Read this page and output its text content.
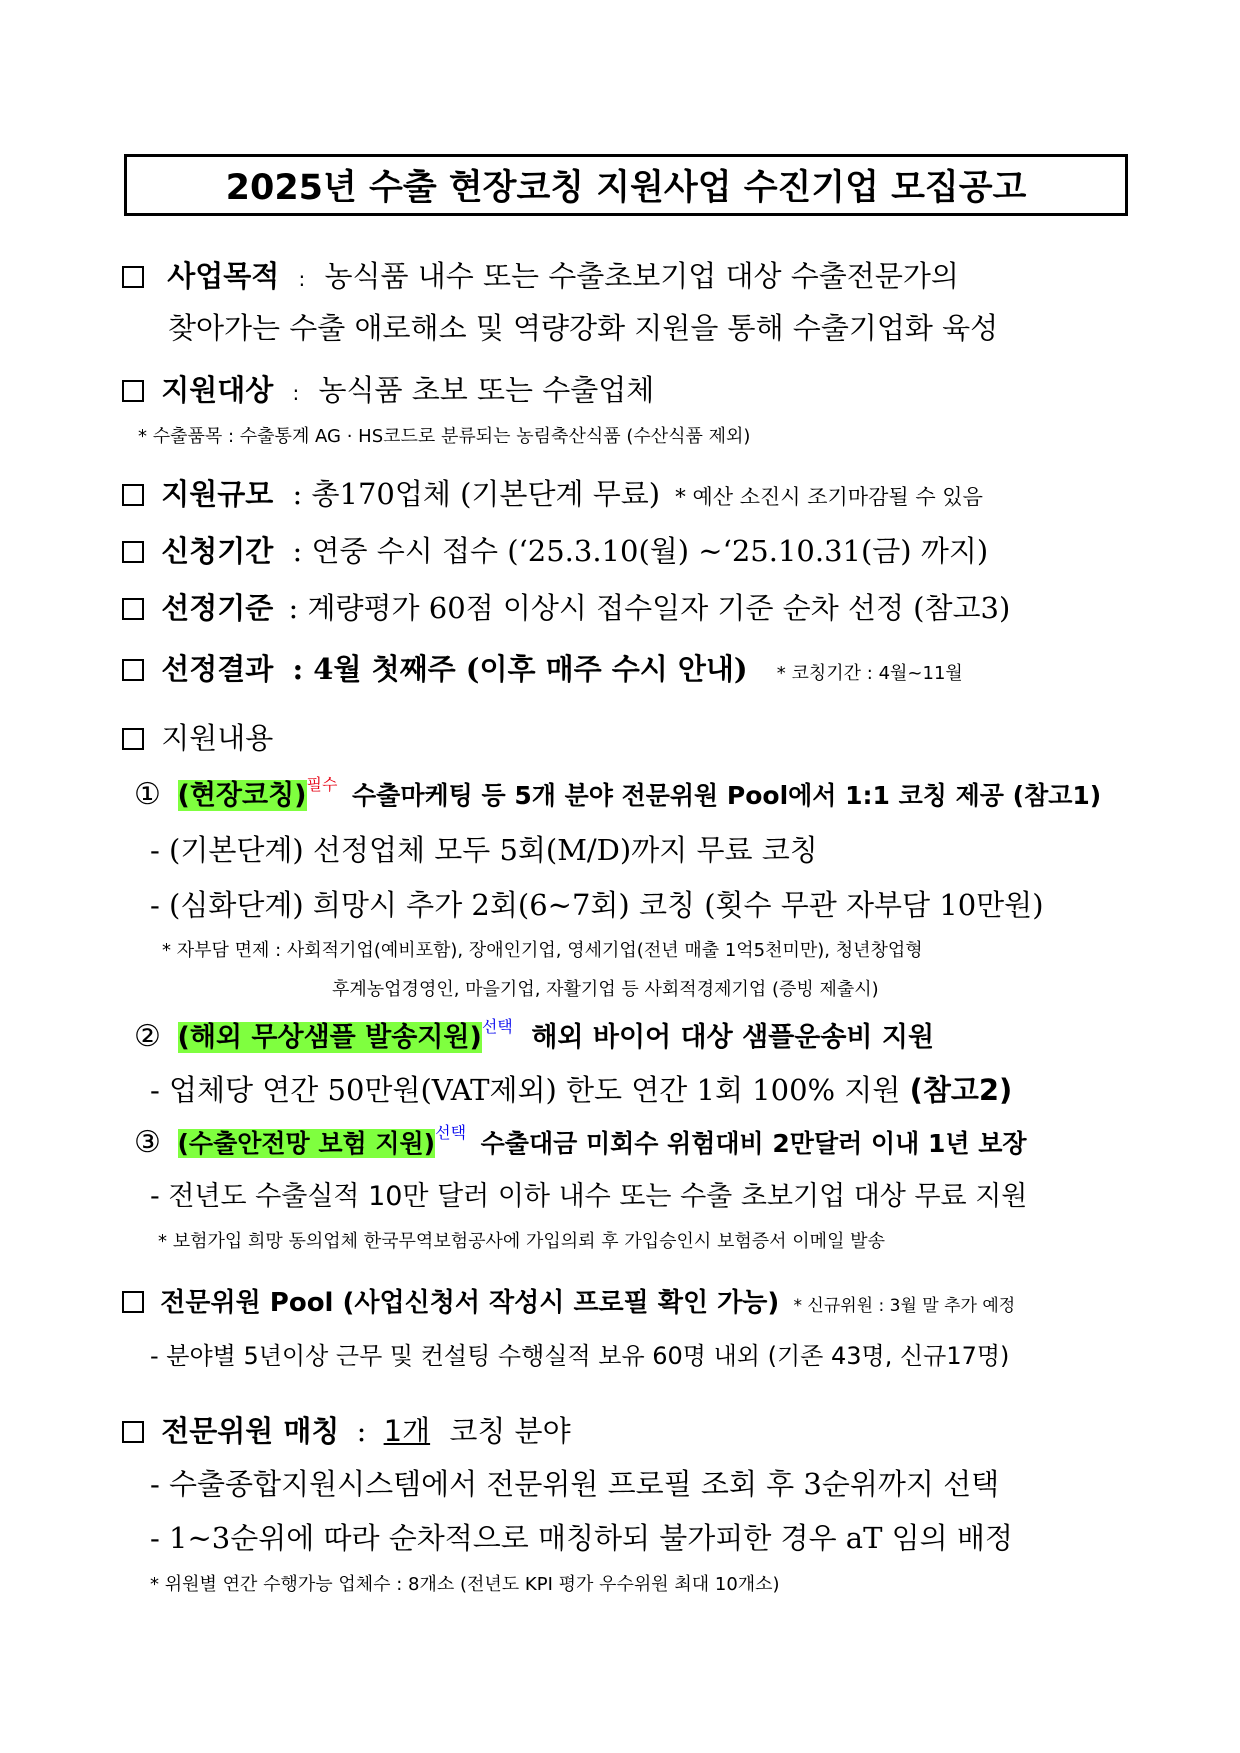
2025년 수출 현장코칭 지원사업 수진기업 모집공고
사업목적 : 농식품 내수 또는 수출초보기업 대상 수출전문가의
찾아가는 수출 애로해소 및 역량강화 지원을 통해 수출기업화 육성
지원대상 : 농식품 초보 또는 수출업체
* 수출품목 : 수출통계 AG · HS코드로 분류되는 농림축산식품 (수산식품 제외)
지원규모 : 총170업체 (기본단계 무료) * 예산 소진시 조기마감될 수 있음
신청기간 : 연중 수시 접수 (‘25.3.10(월) ~‘25.10.31(금) 까지)
선정기준 : 계량평가 60점 이상시 접수일자 기준 순차 선정 (참고3)
선정결과 : 4월 첫째주 (이후 매주 수시 안내) * 코칭기간 : 4월~11월
지원내용
① (현장코칭)$^{필수}$ 수출마케팅 등 5개 분야 전문위원 Pool에서 1:1 코칭 제공 (참고1)
- (기본단계) 선정업체 모두 5회(M/D)까지 무료 코칭
- (심화단계) 희망시 추가 2회(6~7회) 코칭 (횟수 무관 자부담 10만원)
* 자부담 면제 : 사회적기업(예비포함), 장애인기업, 영세기업(전년 매출 1억5천미만), 청년창업형
후계농업경영인, 마을기업, 자활기업 등 사회적경제기업 (증빙 제출시)
② (해외 무상샘플 발송지원)$^{선택}$ 해외 바이어 대상 샘플운송비 지원
- 업체당 연간 50만원(VAT제외) 한도 연간 1회 100% 지원 (참고2)
③ (수출안전망 보험 지원)$^{선택}$ 수출대금 미회수 위험대비 2만달러 이내 1년 보장
- 전년도 수출실적 10만 달러 이하 내수 또는 수출 초보기업 대상 무료 지원
* 보험가입 희망 동의업체 한국무역보험공사에 가입의뢰 후 가입승인시 보험증서 이메일 발송
전문위원 Pool (사업신청서 작성시 프로필 확인 가능) * 신규위원 : 3월 말 추가 예정
- 분야별 5년이상 근무 및 컨설팅 수행실적 보유 60명 내외 (기존 43명, 신규17명)
전문위원 매칭 : 1개 코칭 분야
- 수출종합지원시스템에서 전문위원 프로필 조회 후 3순위까지 선택
- 1~3순위에 따라 순차적으로 매칭하되 불가피한 경우 aT 임의 배정
* 위원별 연간 수행가능 업체수 : 8개소 (전년도 KPI 평가 우수위원 최대 10개소)
